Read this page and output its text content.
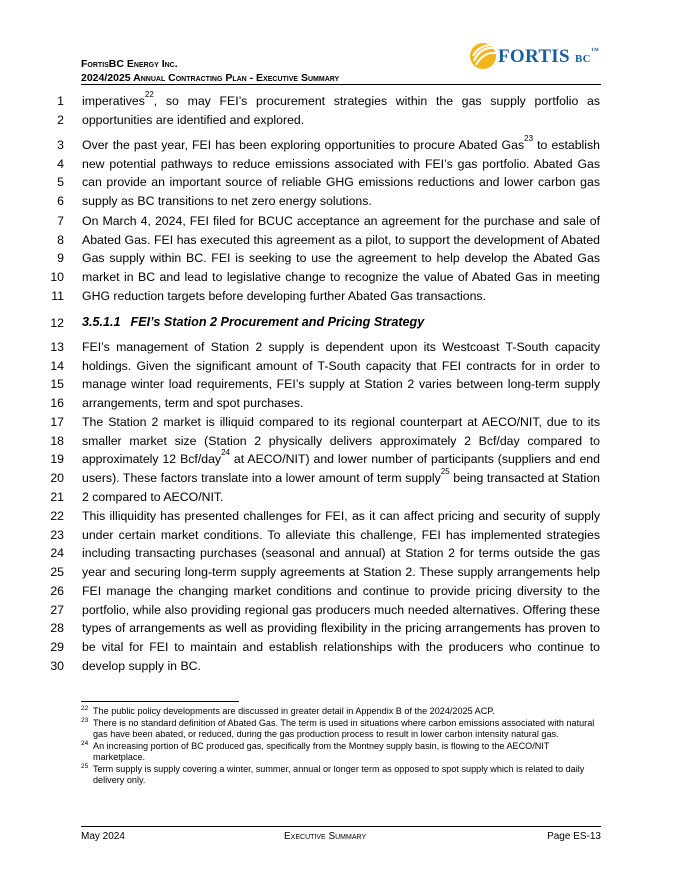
FortisBC Energy Inc.
2024/2025 Annual Contracting Plan - Executive Summary
FORTIS BC™
1
2
3
4
5
6
7
8
9
10
11
12
13
14
15
16
17
18
19
20
21
22
23
24
25
26
27
28
29
30
imperatives$^{22}$, so may FEI’s procurement strategies within the gas supply portfolio as opportunities are identified and explored.
Over the past year, FEI has been exploring opportunities to procure Abated Gas$^{23}$ to establish new potential pathways to reduce emissions associated with FEI’s gas portfolio. Abated Gas can provide an important source of reliable GHG emissions reductions and lower carbon gas supply as BC transitions to net zero energy solutions.
On March 4, 2024, FEI filed for BCUC acceptance an agreement for the purchase and sale of Abated Gas. FEI has executed this agreement as a pilot, to support the development of Abated Gas supply within BC. FEI is seeking to use the agreement to help develop the Abated Gas market in BC and lead to legislative change to recognize the value of Abated Gas in meeting GHG reduction targets before developing further Abated Gas transactions.
3.5.1.1 FEI’s Station 2 Procurement and Pricing Strategy
FEI’s management of Station 2 supply is dependent upon its Westcoast T-South capacity holdings. Given the significant amount of T-South capacity that FEI contracts for in order to manage winter load requirements, FEI’s supply at Station 2 varies between long-term supply arrangements, term and spot purchases.
The Station 2 market is illiquid compared to its regional counterpart at AECO/NIT, due to its smaller market size (Station 2 physically delivers approximately 2 Bcf/day compared to approximately 12 Bcf/day$^{24}$ at AECO/NIT) and lower number of participants (suppliers and end users). These factors translate into a lower amount of term supply$^{25}$ being transacted at Station 2 compared to AECO/NIT.
This illiquidity has presented challenges for FEI, as it can affect pricing and security of supply under certain market conditions. To alleviate this challenge, FEI has implemented strategies including transacting purchases (seasonal and annual) at Station 2 for terms outside the gas year and securing long-term supply agreements at Station 2. These supply arrangements help FEI manage the changing market conditions and continue to provide pricing diversity to the portfolio, while also providing regional gas producers much needed alternatives. Offering these types of arrangements as well as providing flexibility in the pricing arrangements has proven to be vital for FEI to maintain and establish relationships with the producers who continue to develop supply in BC.
22 The public policy developments are discussed in greater detail in Appendix B of the 2024/2025 ACP.
23 There is no standard definition of Abated Gas. The term is used in situations where carbon emissions associated with natural gas have been abated, or reduced, during the gas production process to result in lower carbon intensity natural gas.
24 An increasing portion of BC produced gas, specifically from the Montney supply basin, is flowing to the AECO/NIT marketplace.
25 Term supply is supply covering a winter, summer, annual or longer term as opposed to spot supply which is related to daily delivery only.
May 2024	Executive Summary	Page ES-13
